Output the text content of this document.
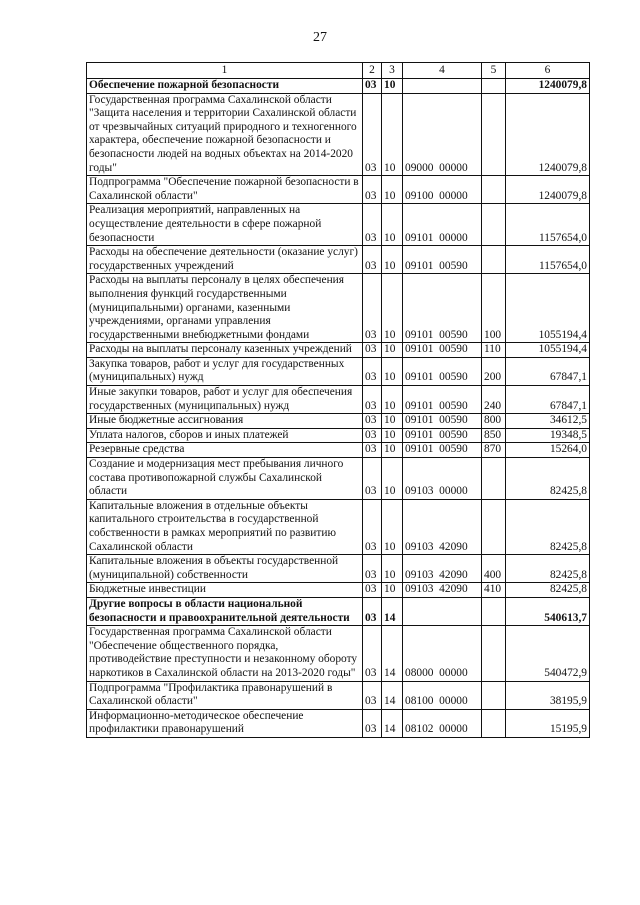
27
1	2	3	4	5	6
Обеспечение пожарной безопасности	03	10			1240079,8
Государственная программа Сахалинской области "Защита населения и территории Сахалинской области от чрезвычайных ситуаций природного и техногенного характера, обеспечение пожарной безопасности и безопасности людей на водных объектах на 2014-2020 годы"	03	10	09000  00000		1240079,8
Подпрограмма "Обеспечение пожарной безопасности в Сахалинской области"	03	10	09100  00000		1240079,8
Реализация мероприятий, направленных на осуществление деятельности в сфере пожарной безопасности	03	10	09101  00000		1157654,0
Расходы на обеспечение деятельности (оказание услуг) государственных учреждений	03	10	09101  00590		1157654,0
Расходы на выплаты персоналу в целях обеспечения выполнения функций государственными (муниципальными) органами, казенными учреждениями, органами управления государственными внебюджетными фондами	03	10	09101  00590	100	1055194,4
Расходы на выплаты персоналу казенных учреждений	03	10	09101  00590	110	1055194,4
Закупка товаров, работ и услуг для государственных (муниципальных) нужд	03	10	09101  00590	200	67847,1
Иные закупки товаров, работ и услуг для обеспечения государственных (муниципальных) нужд	03	10	09101  00590	240	67847,1
Иные бюджетные ассигнования	03	10	09101  00590	800	34612,5
Уплата налогов, сборов и иных платежей	03	10	09101  00590	850	19348,5
Резервные средства	03	10	09101  00590	870	15264,0
Создание и модернизация мест пребывания личного состава противопожарной службы Сахалинской области	03	10	09103  00000		82425,8
Капитальные вложения в отдельные объекты капитального строительства в государственной собственности в рамках мероприятий по развитию Сахалинской области	03	10	09103  42090		82425,8
Капитальные вложения в объекты государственной (муниципальной) собственности	03	10	09103  42090	400	82425,8
Бюджетные инвестиции	03	10	09103  42090	410	82425,8
Другие вопросы в области национальной безопасности и правоохранительной деятельности	03	14			540613,7
Государственная программа Сахалинской области "Обеспечение общественного порядка, противодействие преступности и незаконному обороту наркотиков в Сахалинской области на 2013-2020 годы"	03	14	08000  00000		540472,9
Подпрограмма "Профилактика правонарушений в Сахалинской области"	03	14	08100  00000		38195,9
Информационно-методическое обеспечение профилактики правонарушений	03	14	08102  00000		15195,9
